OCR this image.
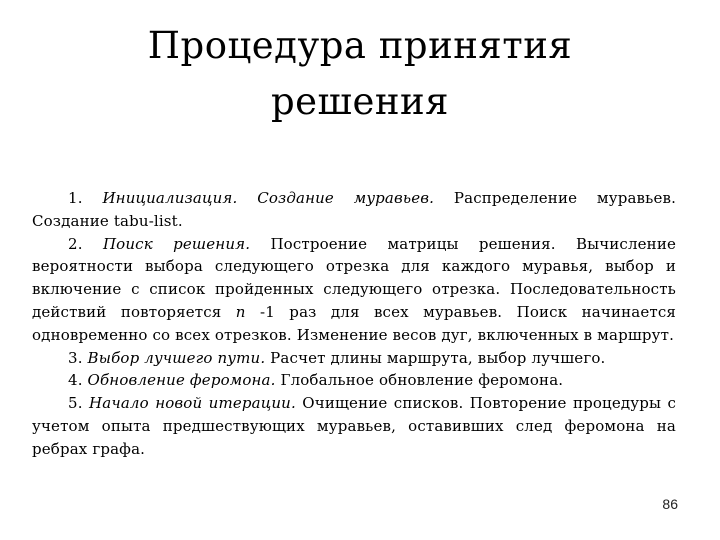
Процедура принятия
решения

1. Инициализация. Создание муравьев. Распределение муравьев. Создание tabu-list.

2. Поиск решения. Построение матрицы решения. Вычисление вероятности выбора следующего отрезка для каждого муравья, выбор и включение с список пройденных следующего отрезка. Последовательность действий повторяется n -1 раз для всех муравьев. Поиск начинается одновременно со всех отрезков. Изменение весов дуг, включенных в маршрут.

3. Выбор лучшего пути. Расчет длины маршрута, выбор лучшего.

4. Обновление феромона. Глобальное обновление феромона.

5. Начало новой итерации. Очищение списков. Повторение процедуры с учетом опыта предшествующих муравьев, оставивших след феромона на ребрах графа.

86
